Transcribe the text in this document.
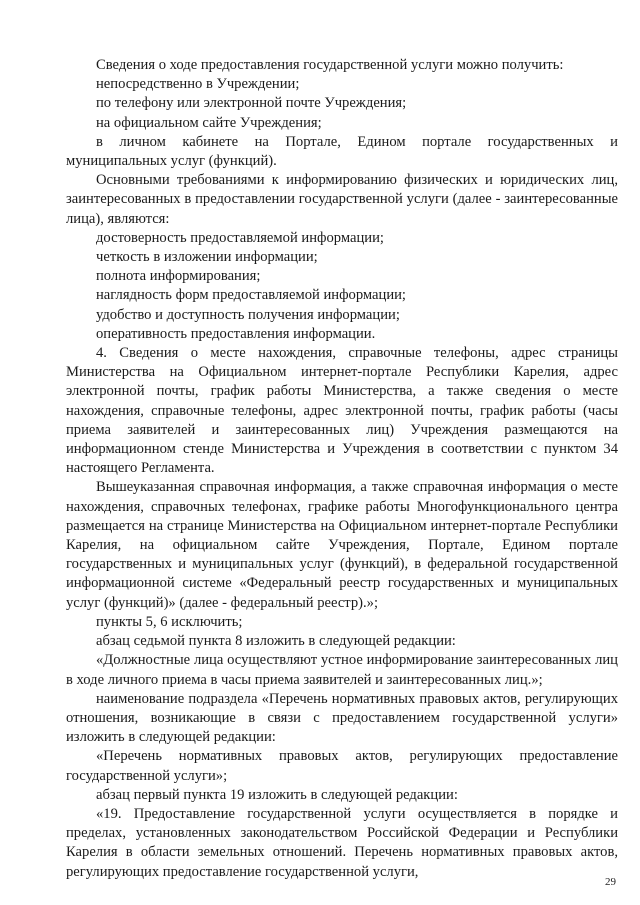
Сведения о ходе предоставления государственной услуги можно получить:

непосредственно в Учреждении;

по телефону или электронной почте Учреждения;

на официальном сайте Учреждения;

в личном кабинете на Портале, Едином портале государственных и муниципальных услуг (функций).

Основными требованиями к информированию физических и юридических лиц, заинтересованных в предоставлении государственной услуги (далее - заинтересованные лица), являются:

достоверность предоставляемой информации;

четкость в изложении информации;

полнота информирования;

наглядность форм предоставляемой информации;

удобство и доступность получения информации;

оперативность предоставления информации.

4. Сведения о месте нахождения, справочные телефоны, адрес страницы Министерства на Официальном интернет-портале Республики Карелия, адрес электронной почты, график работы Министерства, а также сведения о месте нахождения, справочные телефоны, адрес электронной почты, график работы (часы приема заявителей и заинтересованных лиц) Учреждения размещаются на информационном стенде Министерства и Учреждения в соответствии с пунктом 34 настоящего Регламента.

Вышеуказанная справочная информация, а также справочная информация о месте нахождения, справочных телефонах, графике работы Многофункционального центра размещается на странице Министерства на Официальном интернет-портале Республики Карелия, на официальном сайте Учреждения, Портале, Едином портале государственных и муниципальных услуг (функций), в федеральной государственной информационной системе «Федеральный реестр государственных и муниципальных услуг (функций)» (далее - федеральный реестр).»;

пункты 5, 6 исключить;

абзац седьмой пункта 8 изложить в следующей редакции:

«Должностные лица осуществляют устное информирование заинтересованных лиц в ходе личного приема в часы приема заявителей и заинтересованных лиц.»;

наименование подраздела «Перечень нормативных правовых актов, регулирующих отношения, возникающие в связи с предоставлением государственной услуги» изложить в следующей редакции:

«Перечень нормативных правовых актов, регулирующих предоставление государственной услуги»;

абзац первый пункта 19 изложить в следующей редакции:

«19. Предоставление государственной услуги осуществляется в порядке и пределах, установленных законодательством Российской Федерации и Республики Карелия в области земельных отношений. Перечень нормативных правовых актов, регулирующих предоставление государственной услуги,

29
